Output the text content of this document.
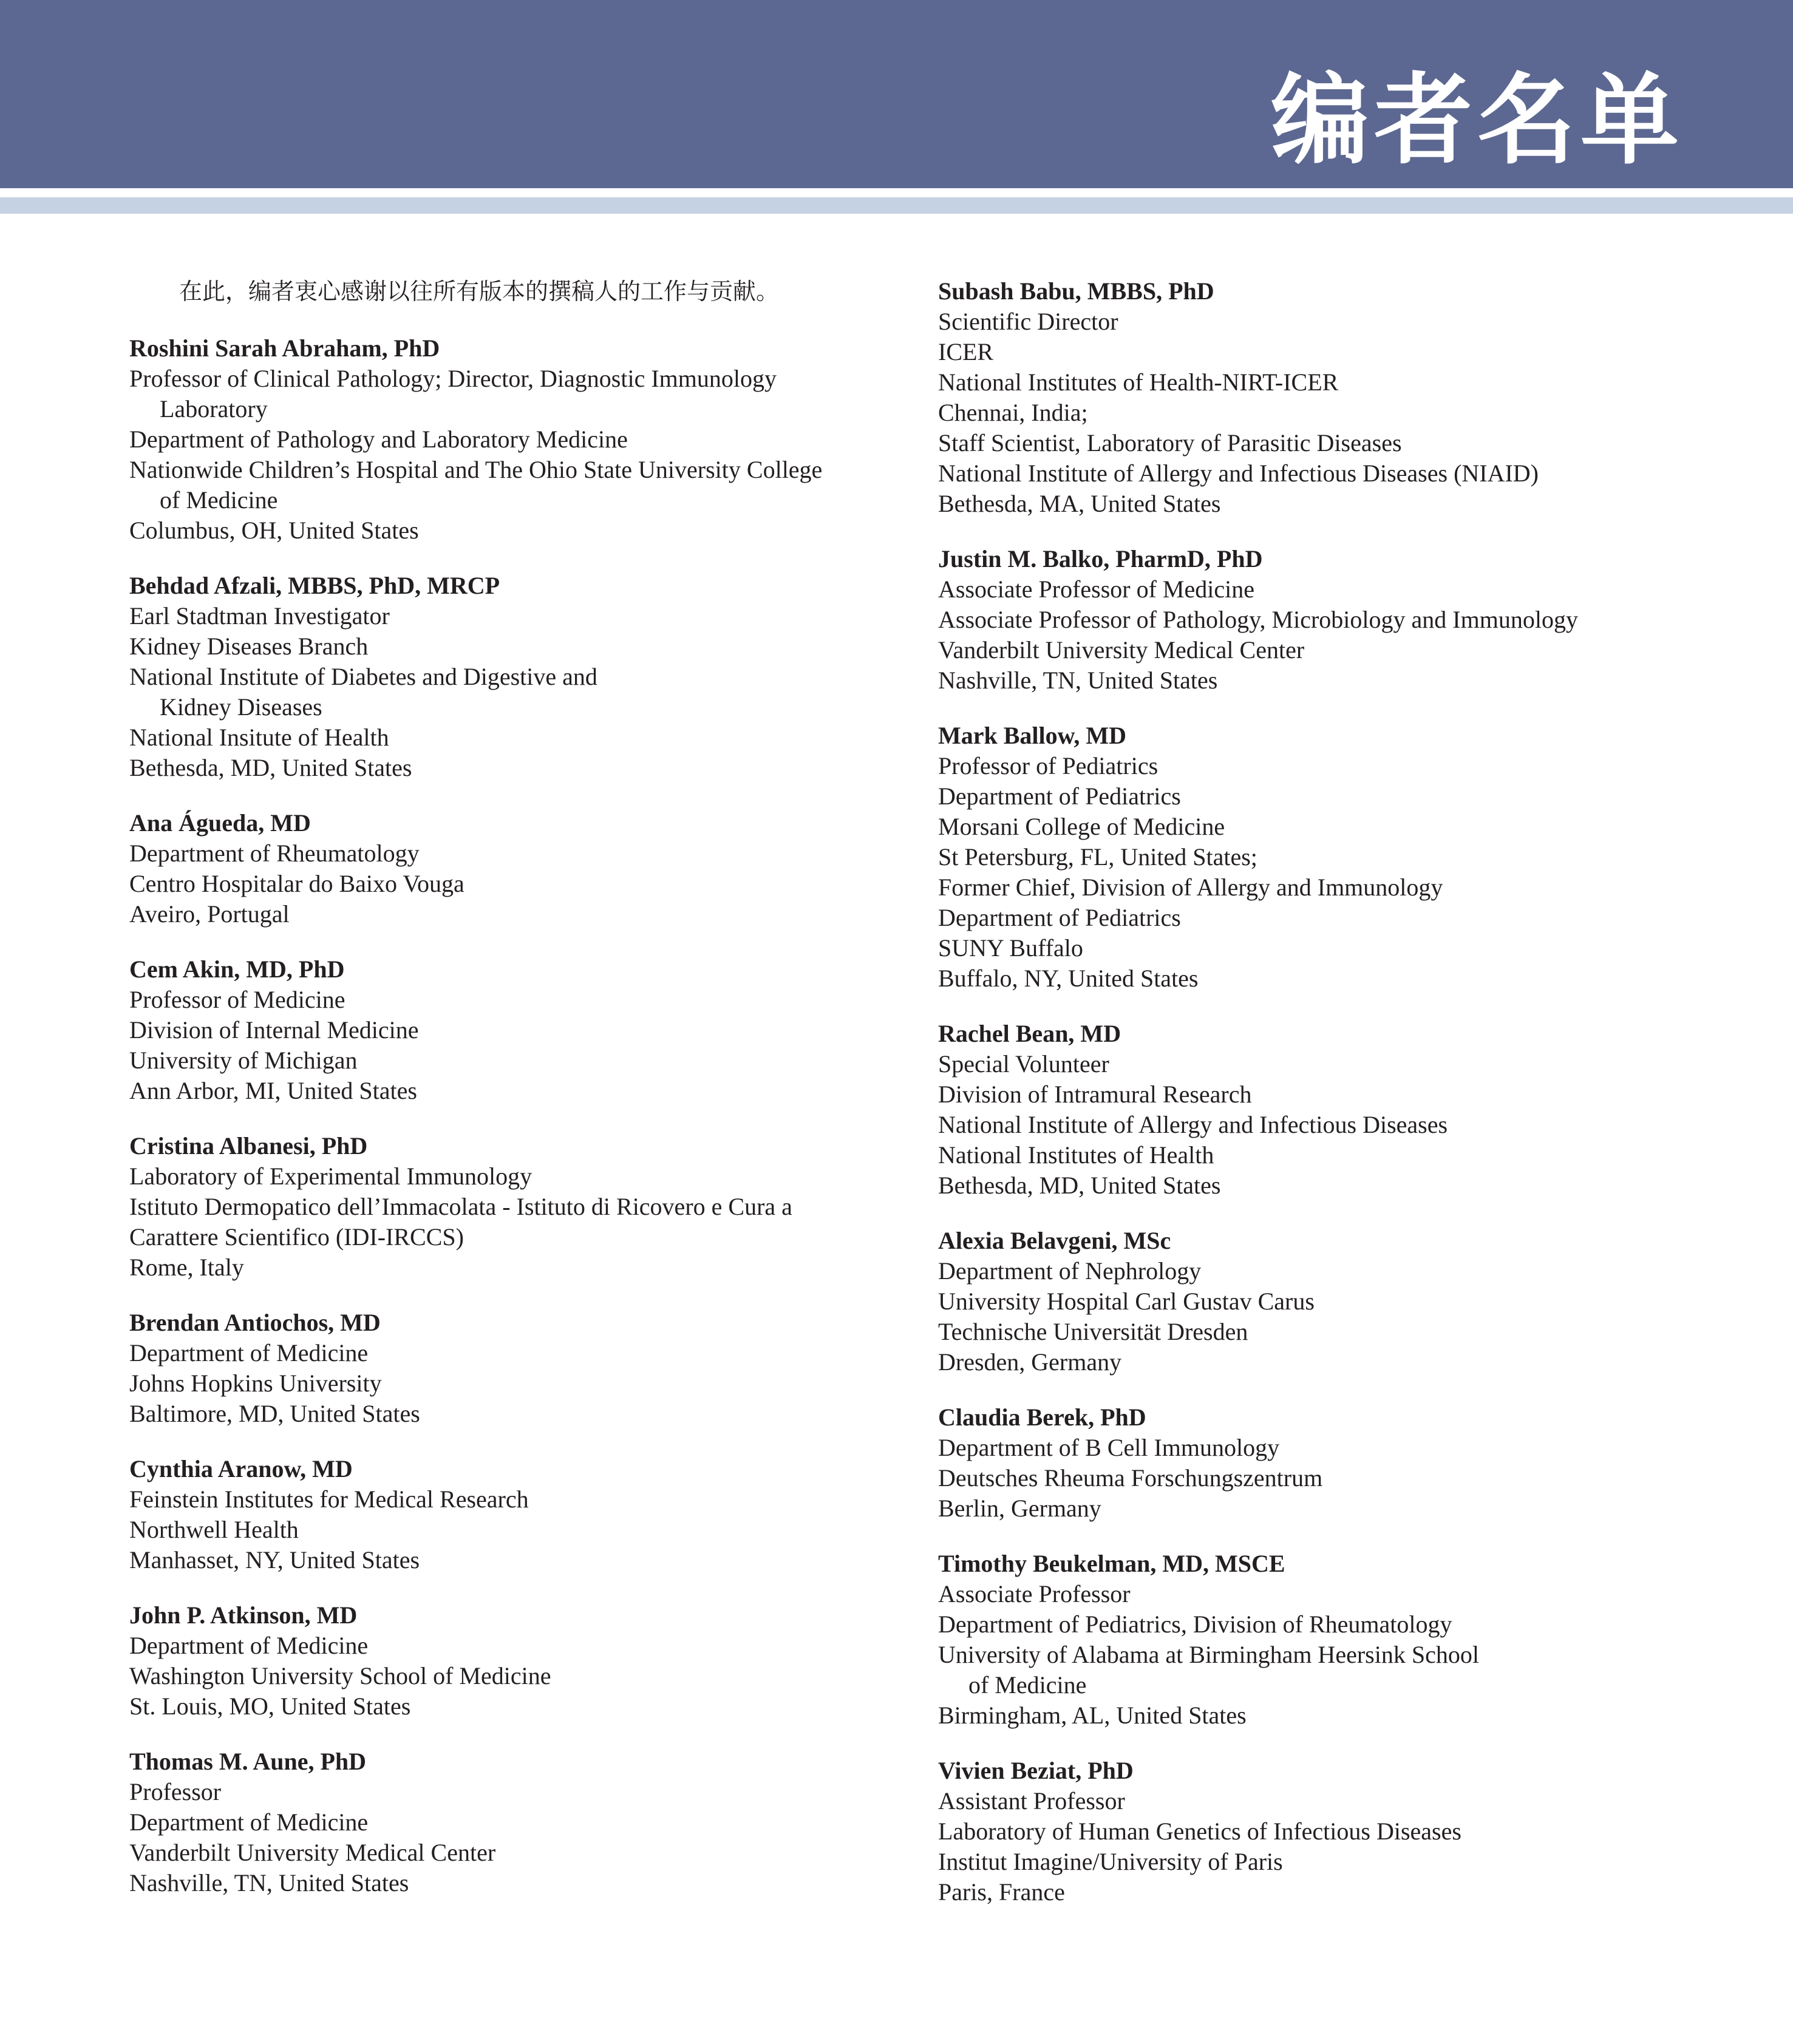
编者名单
在此，编者衷心感谢以往所有版本的撰稿人的工作与贡献。
Roshini Sarah Abraham, PhD
Professor of Clinical Pathology; Director, Diagnostic Immunology
Laboratory
Department of Pathology and Laboratory Medicine
Nationwide Children’s Hospital and The Ohio State University College
of Medicine
Columbus, OH, United States
Behdad Afzali, MBBS, PhD, MRCP
Earl Stadtman Investigator
Kidney Diseases Branch
National Institute of Diabetes and Digestive and
Kidney Diseases
National Insitute of Health
Bethesda, MD, United States
Ana Águeda, MD
Department of Rheumatology
Centro Hospitalar do Baixo Vouga
Aveiro, Portugal
Cem Akin, MD, PhD
Professor of Medicine
Division of Internal Medicine
University of Michigan
Ann Arbor, MI, United States
Cristina Albanesi, PhD
Laboratory of Experimental Immunology
Istituto Dermopatico dell’Immacolata - Istituto di Ricovero e Cura a
Carattere Scientifico (IDI-IRCCS)
Rome, Italy
Brendan Antiochos, MD
Department of Medicine
Johns Hopkins University
Baltimore, MD, United States
Cynthia Aranow, MD
Feinstein Institutes for Medical Research
Northwell Health
Manhasset, NY, United States
John P. Atkinson, MD
Department of Medicine
Washington University School of Medicine
St. Louis, MO, United States
Thomas M. Aune, PhD
Professor
Department of Medicine
Vanderbilt University Medical Center
Nashville, TN, United States
Subash Babu, MBBS, PhD
Scientific Director
ICER
National Institutes of Health-NIRT-ICER
Chennai, India;
Staff Scientist, Laboratory of Parasitic Diseases
National Institute of Allergy and Infectious Diseases (NIAID)
Bethesda, MA, United States
Justin M. Balko, PharmD, PhD
Associate Professor of Medicine
Associate Professor of Pathology, Microbiology and Immunology
Vanderbilt University Medical Center
Nashville, TN, United States
Mark Ballow, MD
Professor of Pediatrics
Department of Pediatrics
Morsani College of Medicine
St Petersburg, FL, United States;
Former Chief, Division of Allergy and Immunology
Department of Pediatrics
SUNY Buffalo
Buffalo, NY, United States
Rachel Bean, MD
Special Volunteer
Division of Intramural Research
National Institute of Allergy and Infectious Diseases
National Institutes of Health
Bethesda, MD, United States
Alexia Belavgeni, MSc
Department of Nephrology
University Hospital Carl Gustav Carus
Technische Universität Dresden
Dresden, Germany
Claudia Berek, PhD
Department of B Cell Immunology
Deutsches Rheuma Forschungszentrum
Berlin, Germany
Timothy Beukelman, MD, MSCE
Associate Professor
Department of Pediatrics, Division of Rheumatology
University of Alabama at Birmingham Heersink School
of Medicine
Birmingham, AL, United States
Vivien Beziat, PhD
Assistant Professor
Laboratory of Human Genetics of Infectious Diseases
Institut Imagine/University of Paris
Paris, France
